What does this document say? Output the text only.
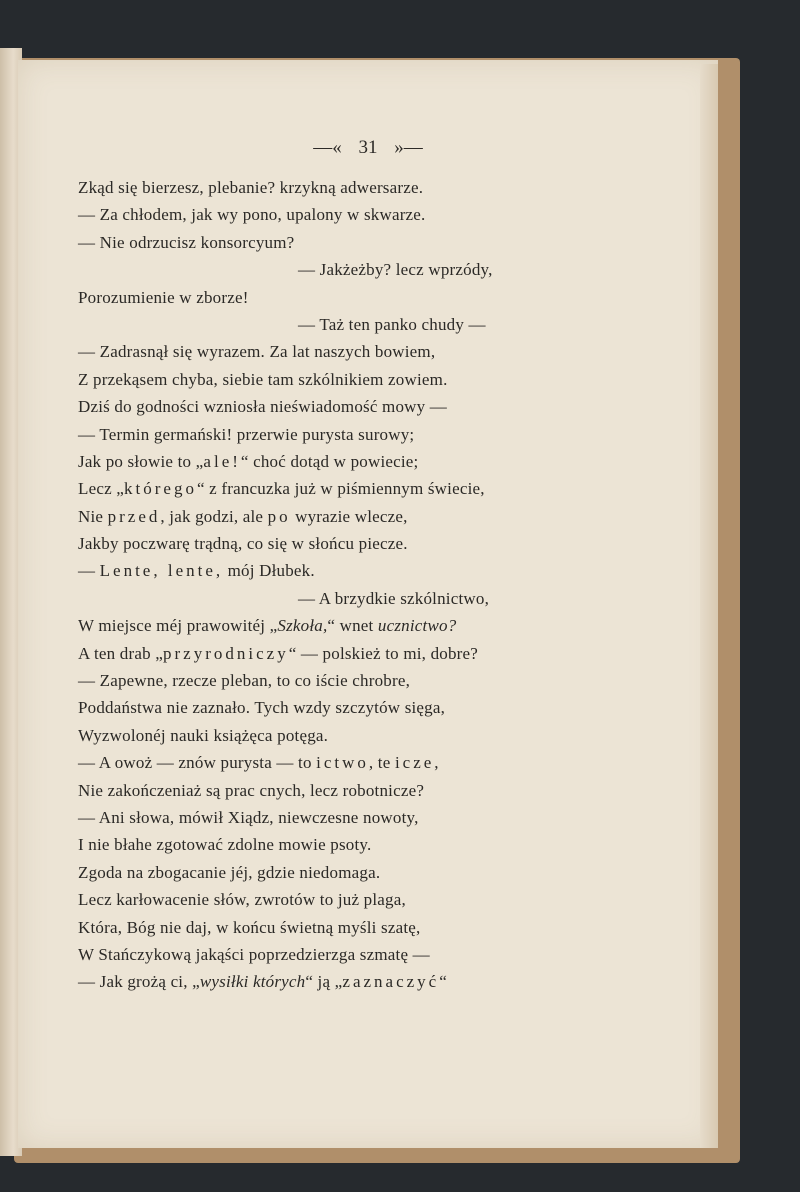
—« 31 »—
Zkąd się bierzesz, plebanie? krzykną adwersarze.
— Za chłodem, jak wy pono, upalony w skwarze.
— Nie odrzucisz konsorcyum?
— Jakżeżby? lecz wprzódy,
Porozumienie w zborze!
— Taż ten panko chudy —
— Zadrasnął się wyrazem. Za lat naszych bowiem,
Z przekąsem chyba, siebie tam szkólnikiem zowiem.
Dziś do godności wzniosła nieświadomość mowy —
— Termin germański! przerwie purysta surowy;
Jak po słowie to „ale!“ choć dotąd w powiecie;
Lecz „którego“ z francuzka już w piśmiennym świecie,
Nie przed, jak godzi, ale po wyrazie wlecze,
Jakby poczwarę trądną, co się w słońcu piecze.
— Lente, lente, mój Dłubek.
— A brzydkie szkólnictwo,
W miejsce méj prawowitéj „Szkoła,“ wnet ucznictwo?
A ten drab „przyrodniczy“ — polskież to mi, dobre?
— Zapewne, rzecze pleban, to co iście chrobre,
Poddaństwa nie zaznało. Tych wzdy szczytów sięga,
Wyzwolonéj nauki książęca potęga.
— A owoż — znów purysta — to ictwo, te icze,
Nie zakończeniaż są prac cnych, lecz robotnicze?
— Ani słowa, mówił Xiądz, niewczesne nowoty,
I nie błahe zgotować zdolne mowie psoty.
Zgoda na zbogacanie jéj, gdzie niedomaga.
Lecz karłowacenie słów, zwrotów to już plaga,
Która, Bóg nie daj, w końcu świetną myśli szatę,
W Stańczykową jakąści poprzedzierzga szmatę —
— Jak grożą ci, „wysiłki których“ ją „zaznaczyć“
